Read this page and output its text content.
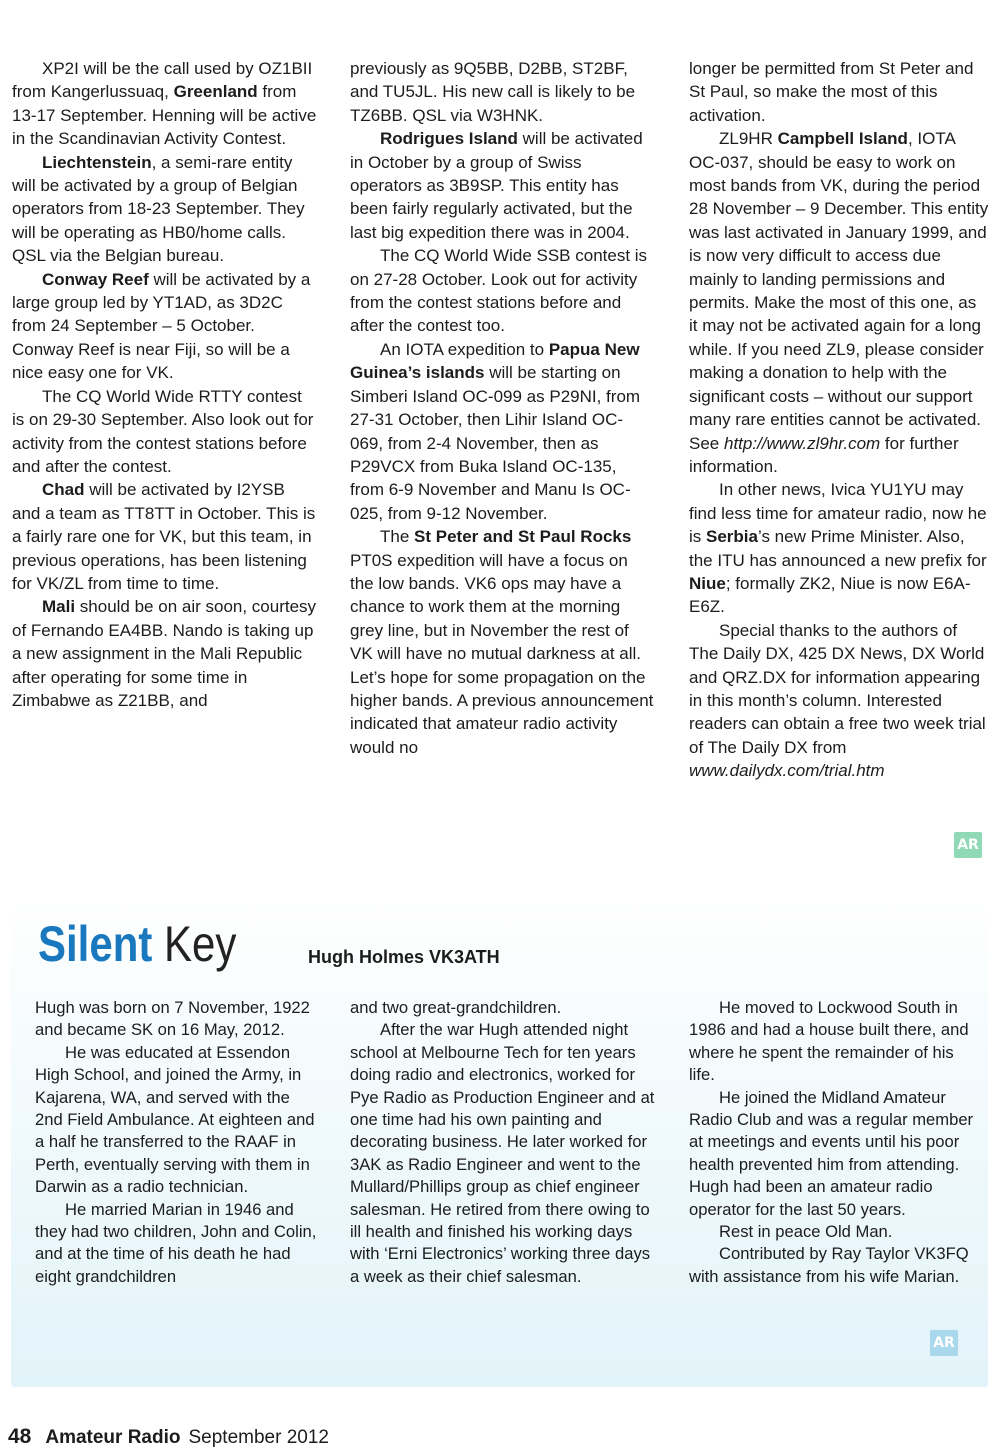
XP2I will be the call used by OZ1BII from Kangerlussuaq, Greenland from 13-17 September. Henning will be active in the Scandinavian Activity Contest.

Liechtenstein, a semi-rare entity will be activated by a group of Belgian operators from 18-23 September. They will be operating as HB0/home calls. QSL via the Belgian bureau.

Conway Reef will be activated by a large group led by YT1AD, as 3D2C from 24 September – 5 October. Conway Reef is near Fiji, so will be a nice easy one for VK.

The CQ World Wide RTTY contest is on 29-30 September. Also look out for activity from the contest stations before and after the contest.

Chad will be activated by I2YSB and a team as TT8TT in October. This is a fairly rare one for VK, but this team, in previous operations, has been listening for VK/ZL from time to time.

Mali should be on air soon, courtesy of Fernando EA4BB. Nando is taking up a new assignment in the Mali Republic after operating for some time in Zimbabwe as Z21BB, and

previously as 9Q5BB, D2BB, ST2BF, and TU5JL. His new call is likely to be TZ6BB. QSL via W3HNK.

Rodrigues Island will be activated in October by a group of Swiss operators as 3B9SP. This entity has been fairly regularly activated, but the last big expedition there was in 2004.

The CQ World Wide SSB contest is on 27-28 October. Look out for activity from the contest stations before and after the contest too.

An IOTA expedition to Papua New Guinea’s islands will be starting on Simberi Island OC-099 as P29NI, from 27-31 October, then Lihir Island OC-069, from 2-4 November, then as P29VCX from Buka Island OC-135, from 6-9 November and Manu Is OC-025, from 9-12 November.

The St Peter and St Paul Rocks PT0S expedition will have a focus on the low bands. VK6 ops may have a chance to work them at the morning grey line, but in November the rest of VK will have no mutual darkness at all. Let’s hope for some propagation on the higher bands. A previous announcement indicated that amateur radio activity would no

longer be permitted from St Peter and St Paul, so make the most of this activation.

ZL9HR Campbell Island, IOTA OC-037, should be easy to work on most bands from VK, during the period 28 November – 9 December. This entity was last activated in January 1999, and is now very difficult to access due mainly to landing permissions and permits. Make the most of this one, as it may not be activated again for a long while. If you need ZL9, please consider making a donation to help with the significant costs – without our support many rare entities cannot be activated. See http://www.zl9hr.com for further information.

In other news, Ivica YU1YU may find less time for amateur radio, now he is Serbia’s new Prime Minister. Also, the ITU has announced a new prefix for Niue; formally ZK2, Niue is now E6A-E6Z.

Special thanks to the authors of The Daily DX, 425 DX News, DX World and QRZ.DX for information appearing in this month’s column. Interested readers can obtain a free two week trial of The Daily DX from www.dailydx.com/trial.htm

AR
Silent Key	Hugh Holmes VK3ATH

Hugh was born on 7 November, 1922 and became SK on 16 May, 2012.

He was educated at Essendon High School, and joined the Army, in Kajarena, WA, and served with the 2nd Field Ambulance. At eighteen and a half he transferred to the RAAF in Perth, eventually serving with them in Darwin as a radio technician.

He married Marian in 1946 and they had two children, John and Colin, and at the time of his death he had eight grandchildren

and two great-grandchildren.

After the war Hugh attended night school at Melbourne Tech for ten years doing radio and electronics, worked for Pye Radio as Production Engineer and at one time had his own painting and decorating business. He later worked for 3AK as Radio Engineer and went to the Mullard/Phillips group as chief engineer salesman. He retired from there owing to ill health and finished his working days with ‘Erni Electronics’ working three days a week as their chief salesman.

He moved to Lockwood South in 1986 and had a house built there, and where he spent the remainder of his life.

He joined the Midland Amateur Radio Club and was a regular member at meetings and events until his poor health prevented him from attending. Hugh had been an amateur radio operator for the last 50 years.

Rest in peace Old Man.

Contributed by Ray Taylor VK3FQ with assistance from his wife Marian.

AR
48 Amateur Radio September 2012
